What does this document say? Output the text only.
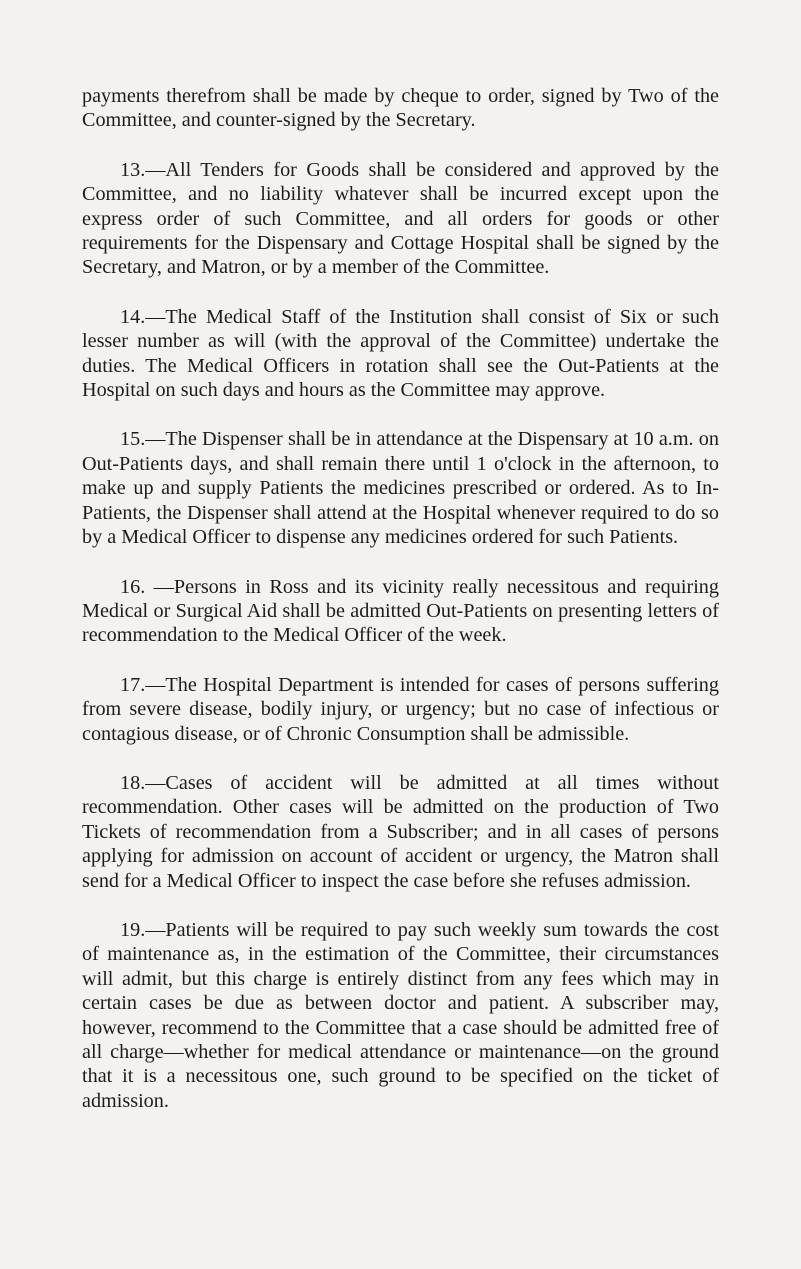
payments therefrom shall be made by cheque to order, signed by Two of the Committee, and counter-signed by the Secretary.

13.—All Tenders for Goods shall be considered and approved by the Committee, and no liability whatever shall be incurred except upon the express order of such Committee, and all orders for goods or other requirements for the Dispensary and Cottage Hospital shall be signed by the Secretary, and Matron, or by a member of the Committee.

14.—The Medical Staff of the Institution shall consist of Six or such lesser number as will (with the approval of the Committee) undertake the duties. The Medical Officers in rotation shall see the Out-Patients at the Hospital on such days and hours as the Committee may approve.

15.—The Dispenser shall be in attendance at the Dispensary at 10 a.m. on Out-Patients days, and shall remain there until 1 o'clock in the afternoon, to make up and supply Patients the medicines prescribed or ordered. As to In-Patients, the Dispenser shall attend at the Hospital whenever required to do so by a Medical Officer to dispense any medicines ordered for such Patients.

16. —Persons in Ross and its vicinity really necessitous and requiring Medical or Surgical Aid shall be admitted Out-Patients on presenting letters of recommendation to the Medical Officer of the week.

17.—The Hospital Department is intended for cases of persons suffering from severe disease, bodily injury, or urgency; but no case of infectious or contagious disease, or of Chronic Consumption shall be admissible.

18.—Cases of accident will be admitted at all times without recommendation. Other cases will be admitted on the production of Two Tickets of recommendation from a Subscriber; and in all cases of persons applying for admission on account of accident or urgency, the Matron shall send for a Medical Officer to inspect the case before she refuses admission.

19.—Patients will be required to pay such weekly sum towards the cost of maintenance as, in the estimation of the Committee, their circumstances will admit, but this charge is entirely distinct from any fees which may in certain cases be due as between doctor and patient. A subscriber may, however, recommend to the Committee that a case should be admitted free of all charge—whether for medical attendance or maintenance—on the ground that it is a necessitous one, such ground to be specified on the ticket of admission.
